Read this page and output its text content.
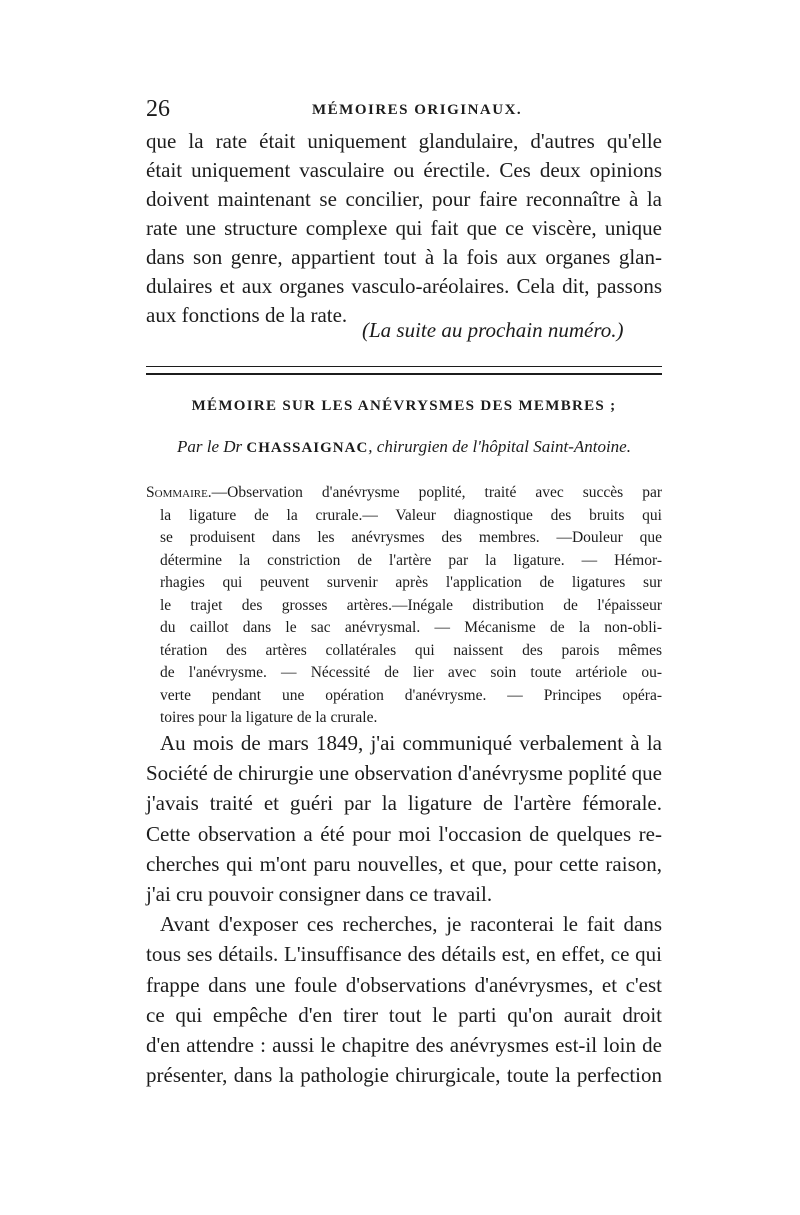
26	MÉMOIRES ORIGINAUX.
que la rate était uniquement glandulaire, d'autres qu'elle
était uniquement vasculaire ou érectile. Ces deux opinions
doivent maintenant se concilier, pour faire reconnaître à la
rate une structure complexe qui fait que ce viscère, unique
dans son genre, appartient tout à la fois aux organes glan-
dulaires et aux organes vasculo-aréolaires. Cela dit, passons
aux fonctions de la rate.
(La suite au prochain numéro.)
MÉMOIRE SUR LES ANÉVRYSMES DES MEMBRES ;
Par le Dr CHASSAIGNAC, chirurgien de l'hôpital Saint-Antoine.
Sommaire.—Observation d'anévrysme poplité, traité avec succès par
la ligature de la crurale.— Valeur diagnostique des bruits qui
se produisent dans les anévrysmes des membres. —Douleur que
détermine la constriction de l'artère par la ligature. — Hémor-
rhagies qui peuvent survenir après l'application de ligatures sur
le trajet des grosses artères.—Inégale distribution de l'épaisseur
du caillot dans le sac anévrysmal. — Mécanisme de la non-obli-
tération des artères collatérales qui naissent des parois mêmes
de l'anévrysme. — Nécessité de lier avec soin toute artériole ou-
verte pendant une opération d'anévrysme. — Principes opéra-
toires pour la ligature de la crurale.
Au mois de mars 1849, j'ai communiqué verbalement à la
Société de chirurgie une observation d'anévrysme poplité que
j'avais traité et guéri par la ligature de l'artère fémorale.
Cette observation a été pour moi l'occasion de quelques re-
cherches qui m'ont paru nouvelles, et que, pour cette raison,
j'ai cru pouvoir consigner dans ce travail.
Avant d'exposer ces recherches, je raconterai le fait dans
tous ses détails. L'insuffisance des détails est, en effet, ce qui
frappe dans une foule d'observations d'anévrysmes, et c'est
ce qui empêche d'en tirer tout le parti qu'on aurait droit
d'en attendre : aussi le chapitre des anévrysmes est-il loin de
présenter, dans la pathologie chirurgicale, toute la perfection
